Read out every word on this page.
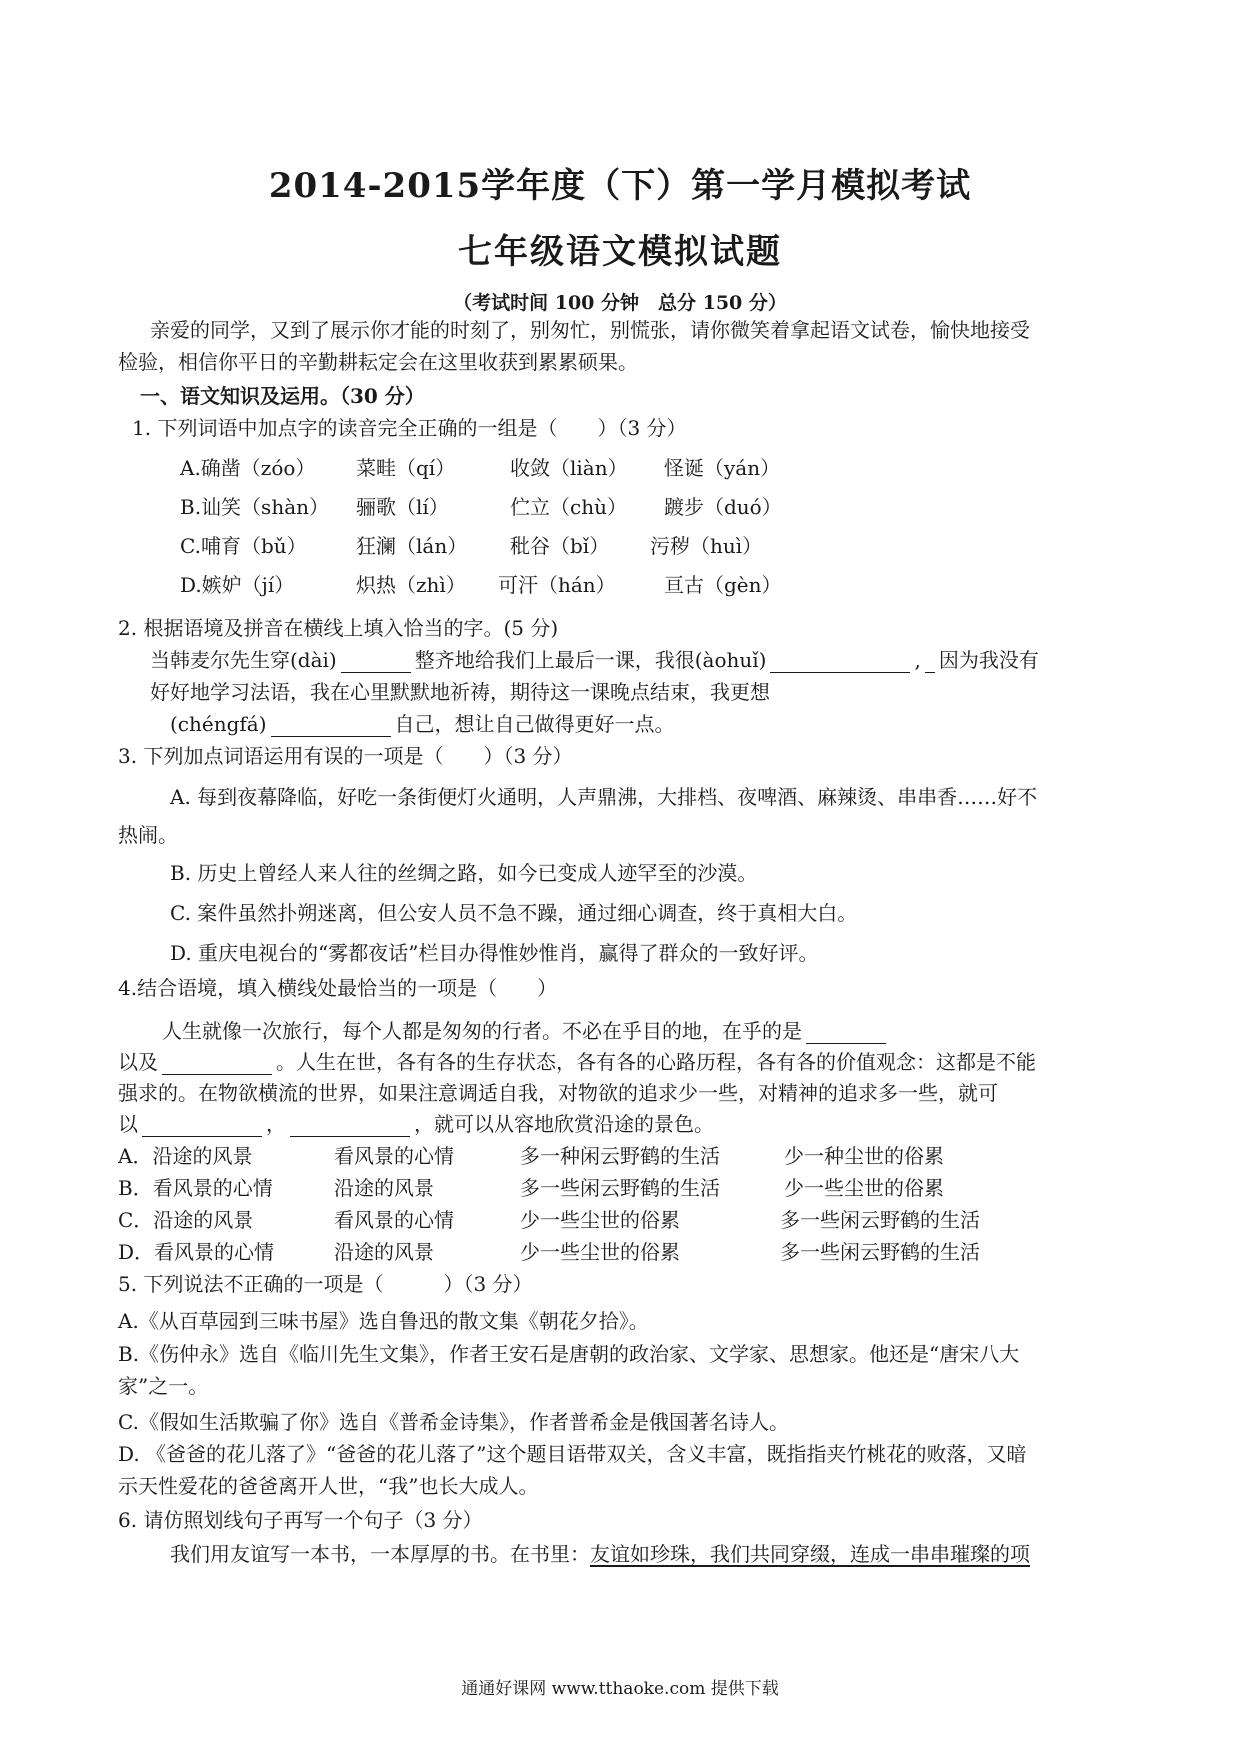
2014-2015学年度（下）第一学月模拟考试
七年级语文模拟试题
（考试时间 100 分钟　总分 150 分）
亲爱的同学，又到了展示你才能的时刻了，别匆忙，别慌张，请你微笑着拿起语文试卷，愉快地接受
检验，相信你平日的辛勤耕耘定会在这里收获到累累硕果。
一、语文知识及运用。（30 分）
1. 下列词语中加点字的读音完全正确的一组是（　　）（3 分）
A.确凿（zóo） 菜畦（qí）	收敛（liàn） 怪诞（yán）
B.讪笑（shàn） 骊歌（lí）	伫立（chù） 踱步（duó）
C.哺育（bǔ） 狂澜（lán） 秕谷（bǐ） 污秽（huì）
D.嫉妒（jí）	炽热（zhì） 可汗（hán） 亘古（gèn）
2. 根据语境及拼音在横线上填入恰当的字。(5 分)
当韩麦尔先生穿(dài)	整齐地给我们上最后一课，我很(àohuǐ)	, 因为我没有
好好地学习法语，我在心里默默地祈祷，期待这一课晚点结束，我更想
(chéngfá)	自己，想让自己做得更好一点。
3. 下列加点词语运用有误的一项是（　　）（3 分）
A. 每到夜幕降临，好吃一条街便灯火通明，人声鼎沸，大排档、夜啤酒、麻辣烫、串串香……好不
热闹。
B. 历史上曾经人来人往的丝绸之路，如今已变成人迹罕至的沙漠。
C. 案件虽然扑朔迷离，但公安人员不急不躁，通过细心调查，终于真相大白。
D. 重庆电视台的“雾都夜话”栏目办得惟妙惟肖，赢得了群众的一致好评。
4.结合语境，填入横线处最恰当的一项是（　　）
人生就像一次旅行，每个人都是匆匆的行者。不必在乎目的地，在乎的是
以及	。人生在世，各有各的生存状态，各有各的心路历程，各有各的价值观念：这都是不能
强求的。在物欲横流的世界，如果注意调适自我，对物欲的追求少一些，对精神的追求多一些，就可
以	，	，就可以从容地欣赏沿途的景色。
A．沿途的风景	看风景的心情	多一种闲云野鹤的生活	少一种尘世的俗累
B．看风景的心情	沿途的风景	多一些闲云野鹤的生活	少一些尘世的俗累
C．沿途的风景	看风景的心情	少一些尘世的俗累	多一些闲云野鹤的生活
D．看风景的心情	沿途的风景	少一些尘世的俗累	多一些闲云野鹤的生活
5. 下列说法不正确的一项是（　　　）（3 分）
A.《从百草园到三味书屋》选自鲁迅的散文集《朝花夕拾》。
B.《伤仲永》选自《临川先生文集》，作者王安石是唐朝的政治家、文学家、思想家。他还是“唐宋八大
家”之一。
C.《假如生活欺骗了你》选自《普希金诗集》，作者普希金是俄国著名诗人。
D. 《爸爸的花儿落了》“爸爸的花儿落了”这个题目语带双关，含义丰富，既指指夹竹桃花的败落，又暗
示天性爱花的爸爸离开人世，“我”也长大成人。
6. 请仿照划线句子再写一个句子（3 分）
我们用友谊写一本书，一本厚厚的书。在书里：友谊如珍珠，我们共同穿缀，连成一串串璀璨的项
通通好课网 www.tthaoke.com 提供下载
